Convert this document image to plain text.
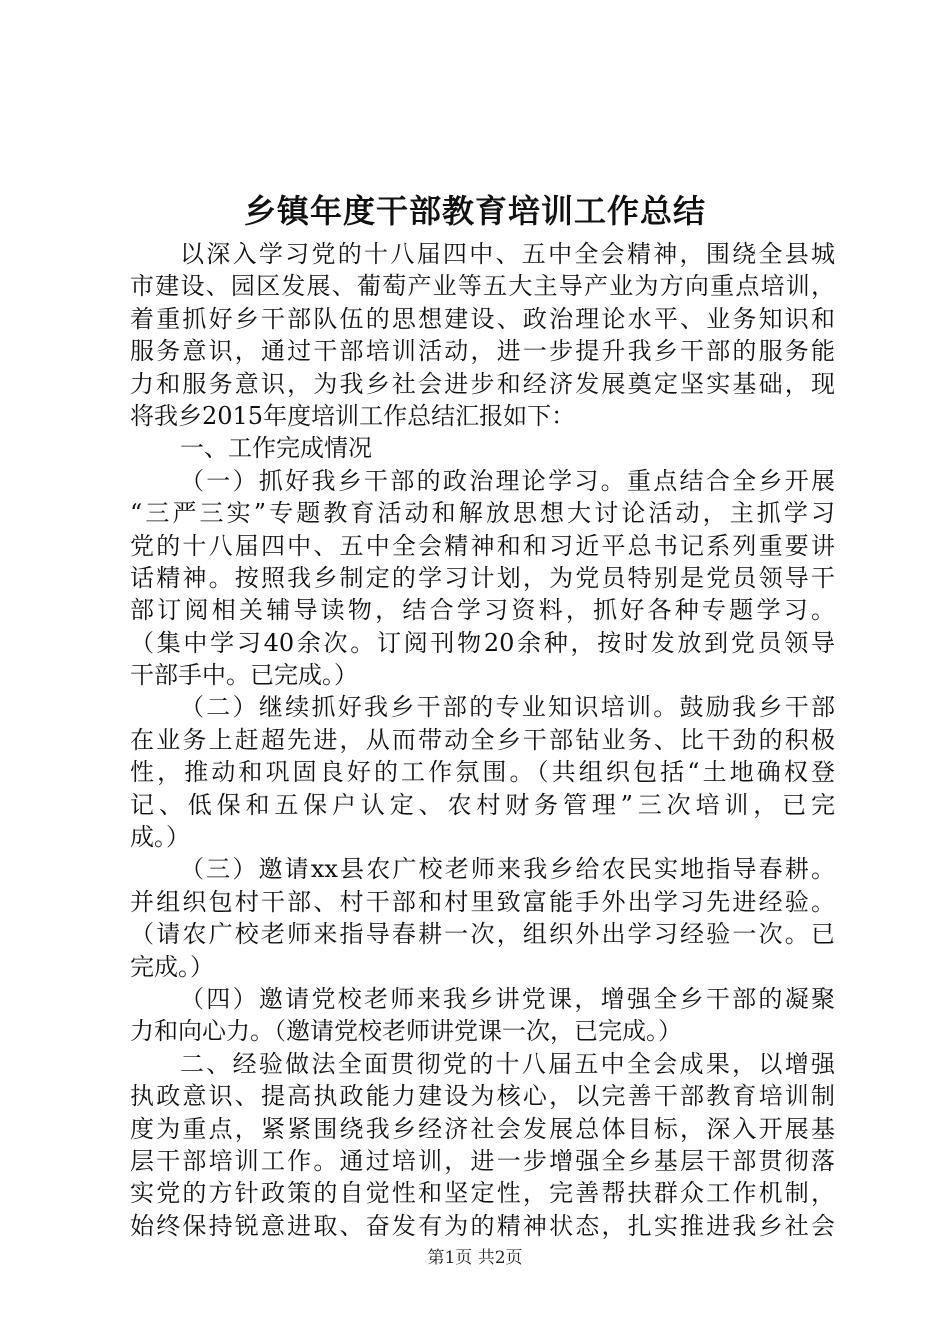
乡镇年度干部教育培训工作总结
以深入学习党的十八届四中、五中全会精神，围绕全县城
市建设、园区发展、葡萄产业等五大主导产业为方向重点培训，
着重抓好乡干部队伍的思想建设、政治理论水平、业务知识和
服务意识，通过干部培训活动，进一步提升我乡干部的服务能
力和服务意识，为我乡社会进步和经济发展奠定坚实基础，现
将我乡2015年度培训工作总结汇报如下：
一、工作完成情况
（一）抓好我乡干部的政治理论学习。重点结合全乡开展
“三严三实”专题教育活动和解放思想大讨论活动，主抓学习
党的十八届四中、五中全会精神和和习近平总书记系列重要讲
话精神。按照我乡制定的学习计划，为党员特别是党员领导干
部订阅相关辅导读物，结合学习资料，抓好各种专题学习。
（集中学习40余次。订阅刊物20余种，按时发放到党员领导
干部手中。已完成。）
（二）继续抓好我乡干部的专业知识培训。鼓励我乡干部
在业务上赶超先进，从而带动全乡干部钻业务、比干劲的积极
性，推动和巩固良好的工作氛围。（共组织包括“土地确权登
记、低保和五保户认定、农村财务管理”三次培训，已完
成。）
（三）邀请xx县农广校老师来我乡给农民实地指导春耕。
并组织包村干部、村干部和村里致富能手外出学习先进经验。
（请农广校老师来指导春耕一次，组织外出学习经验一次。已
完成。）
（四）邀请党校老师来我乡讲党课，增强全乡干部的凝聚
力和向心力。（邀请党校老师讲党课一次，已完成。）
二、经验做法全面贯彻党的十八届五中全会成果，以增强
执政意识、提高执政能力建设为核心，以完善干部教育培训制
度为重点，紧紧围绕我乡经济社会发展总体目标，深入开展基
层干部培训工作。通过培训，进一步增强全乡基层干部贯彻落
实党的方针政策的自觉性和坚定性，完善帮扶群众工作机制，
始终保持锐意进取、奋发有为的精神状态，扎实推进我乡社会
第1页 共2页
